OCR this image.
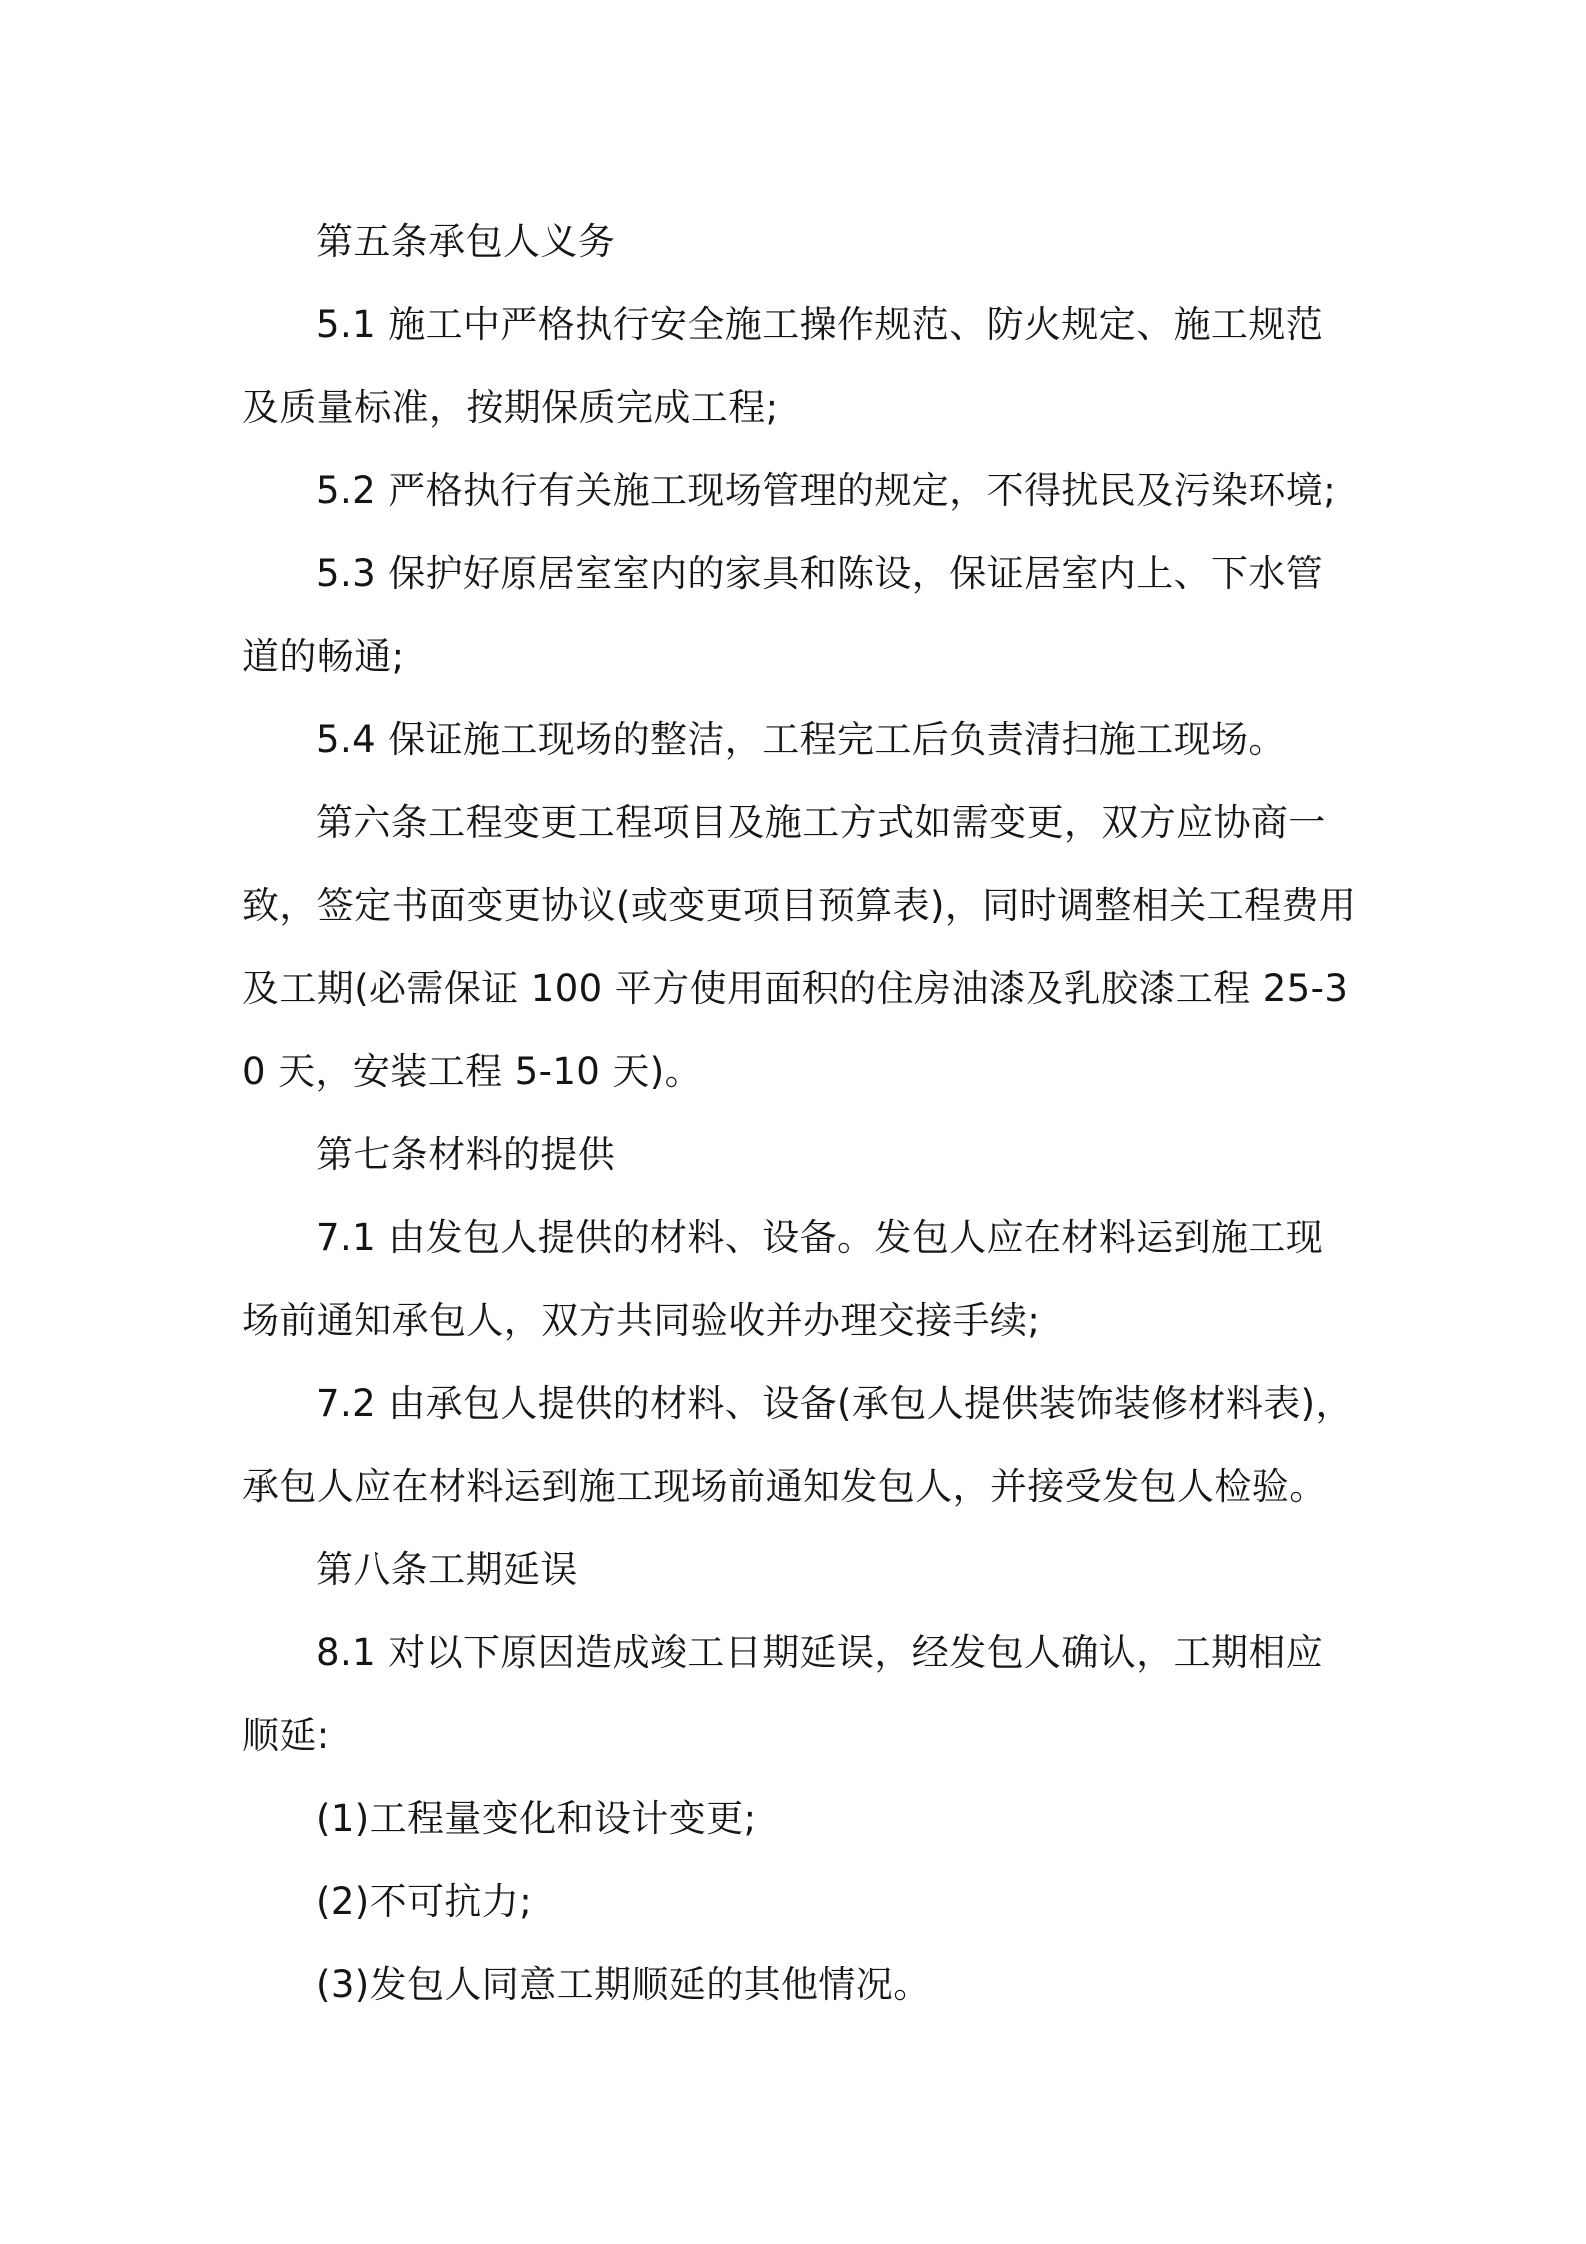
第五条承包人义务

5.1 施工中严格执行安全施工操作规范、防火规定、施工规范及质量标准，按期保质完成工程;

5.2 严格执行有关施工现场管理的规定，不得扰民及污染环境;

5.3 保护好原居室室内的家具和陈设，保证居室内上、下水管道的畅通;

5.4 保证施工现场的整洁，工程完工后负责清扫施工现场。

第六条工程变更工程项目及施工方式如需变更，双方应协商一致，签定书面变更协议(或变更项目预算表)，同时调整相关工程费用及工期(必需保证 100 平方使用面积的住房油漆及乳胶漆工程 25-30 天，安装工程 5-10 天)。

第七条材料的提供

7.1 由发包人提供的材料、设备。发包人应在材料运到施工现场前通知承包人，双方共同验收并办理交接手续;

7.2 由承包人提供的材料、设备(承包人提供装饰装修材料表)，承包人应在材料运到施工现场前通知发包人，并接受发包人检验。

第八条工期延误

8.1 对以下原因造成竣工日期延误，经发包人确认，工期相应顺延:

(1)工程量变化和设计变更;

(2)不可抗力;

(3)发包人同意工期顺延的其他情况。
